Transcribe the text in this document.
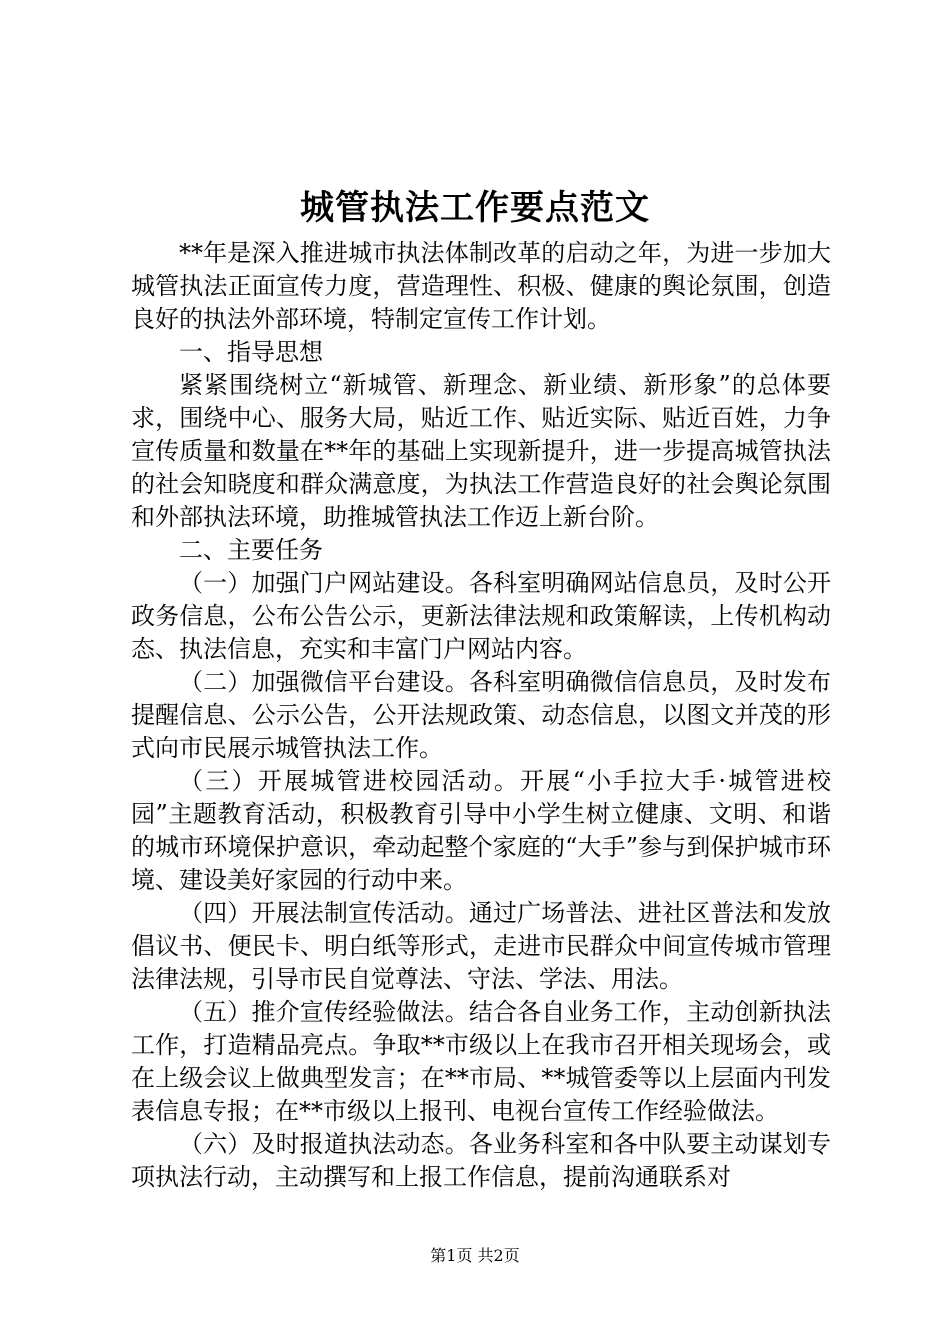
城管执法工作要点范文

**年是深入推进城市执法体制改革的启动之年，为进一步加大城管执法正面宣传力度，营造理性、积极、健康的舆论氛围，创造良好的执法外部环境，特制定宣传工作计划。

一、指导思想

紧紧围绕树立“新城管、新理念、新业绩、新形象”的总体要求，围绕中心、服务大局，贴近工作、贴近实际、贴近百姓，力争宣传质量和数量在**年的基础上实现新提升，进一步提高城管执法的社会知晓度和群众满意度，为执法工作营造良好的社会舆论氛围和外部执法环境，助推城管执法工作迈上新台阶。

二、主要任务

（一）加强门户网站建设。各科室明确网站信息员，及时公开政务信息，公布公告公示，更新法律法规和政策解读，上传机构动态、执法信息，充实和丰富门户网站内容。

（二）加强微信平台建设。各科室明确微信信息员，及时发布提醒信息、公示公告，公开法规政策、动态信息，以图文并茂的形式向市民展示城管执法工作。

（三）开展城管进校园活动。开展“小手拉大手·城管进校园”主题教育活动，积极教育引导中小学生树立健康、文明、和谐的城市环境保护意识，牵动起整个家庭的“大手”参与到保护城市环境、建设美好家园的行动中来。

（四）开展法制宣传活动。通过广场普法、进社区普法和发放倡议书、便民卡、明白纸等形式，走进市民群众中间宣传城市管理法律法规，引导市民自觉尊法、守法、学法、用法。

（五）推介宣传经验做法。结合各自业务工作，主动创新执法工作，打造精品亮点。争取**市级以上在我市召开相关现场会，或在上级会议上做典型发言；在**市局、**城管委等以上层面内刊发表信息专报；在**市级以上报刊、电视台宣传工作经验做法。

（六）及时报道执法动态。各业务科室和各中队要主动谋划专项执法行动，主动撰写和上报工作信息，提前沟通联系对

第1页 共2页
